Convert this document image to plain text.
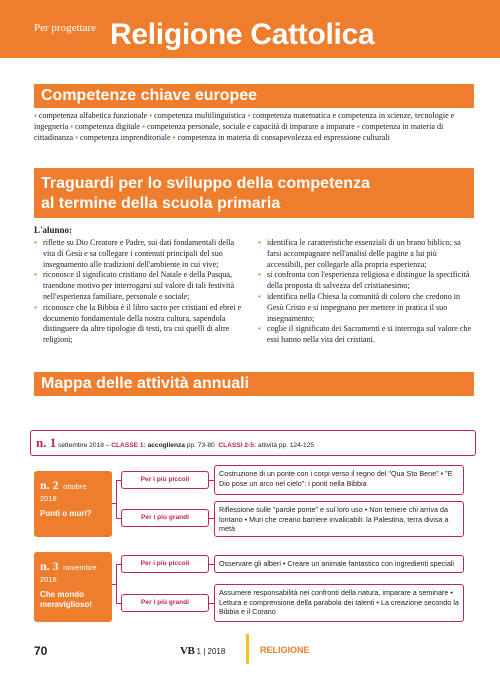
Per progettare Religione Cattolica
Competenze chiave europee
▪ competenza alfabetica funzionale ▪ competenza multilinguistica ▪ competenza matematica e competenza in scienze, tecnologie e ingegneria ▪ competenza digitale ▪ competenza personale, sociale e capacità di imparare a imparare ▪ competenza in materia di cittadinanza ▪ competenza imprenditoriale ▪ competenza in materia di consapevolezza ed espressione culturali
Traguardi per lo sviluppo della competenza
al termine della scuola primaria
L'alunno:
▪ riflette su Dio Creatore e Padre, sui dati fondamentali della vita di Gesù e sa collegare i contenuti principali del suo insegnamento alle tradizioni dell'ambiente in cui vive;
▪ riconosce il significato cristiano del Natale e della Pasqua, traendone motivo per interrogarsi sul valore di tali festività nell'esperienza familiare, personale e sociale;
▪ riconosce che la Bibbia è il libro sacro per cristiani ed ebrei e documento fondamentale della nostra cultura, sapendola distinguere da altre tipologie di testi, tra cui quelli di altre religioni;
▪ identifica le caratteristiche essenziali di un brano biblico; sa farsi accompagnare nell'analisi delle pagine a lui più accessibili, per collegarle alla propria esperienza;
▪ si confronta con l'esperienza religiosa e distingue la specificità della proposta di salvezza del cristianesimo;
▪ identifica nella Chiesa la comunità di coloro che credono in Gesù Cristo e si impegnano per mettere in pratica il suo insegnamento;
▪ coglie il significato dei Sacramenti e si interroga sul valore che essi hanno nella vita dei cristiani.
Mappa delle attività annuali
n. 1 settembre 2018 – CLASSE 1: accoglienza pp. 73-80 CLASSI 2-5: attività pp. 124-125
n. 2 ottobre
2018
Ponti o muri?
Per i più piccoli
Costruzione di un ponte con i corpi verso il regno del "Qua Sto Bene" • "E Dio pose un arco nel cielo": i ponti nella Bibbia
Per i più grandi
Riflessione sulle "parole ponte" e sul loro uso • Non temere chi arriva da lontano • Muri che creano barriere invalicabili: la Palestina, terra divisa a metà
n. 3 novembre
2018
Che mondo meraviglioso!
Per i più piccoli	Osservare gli alberi • Creare un animale fantastico con ingredienti speciali
Per i più grandi
Assumere responsabilità nei confronti della natura, imparare a seminare • Lettura e comprensione della parabola dei talenti • La creazione secondo la Bibbia e il Corano
70	VB 1 | 2018	RELIGIONE
